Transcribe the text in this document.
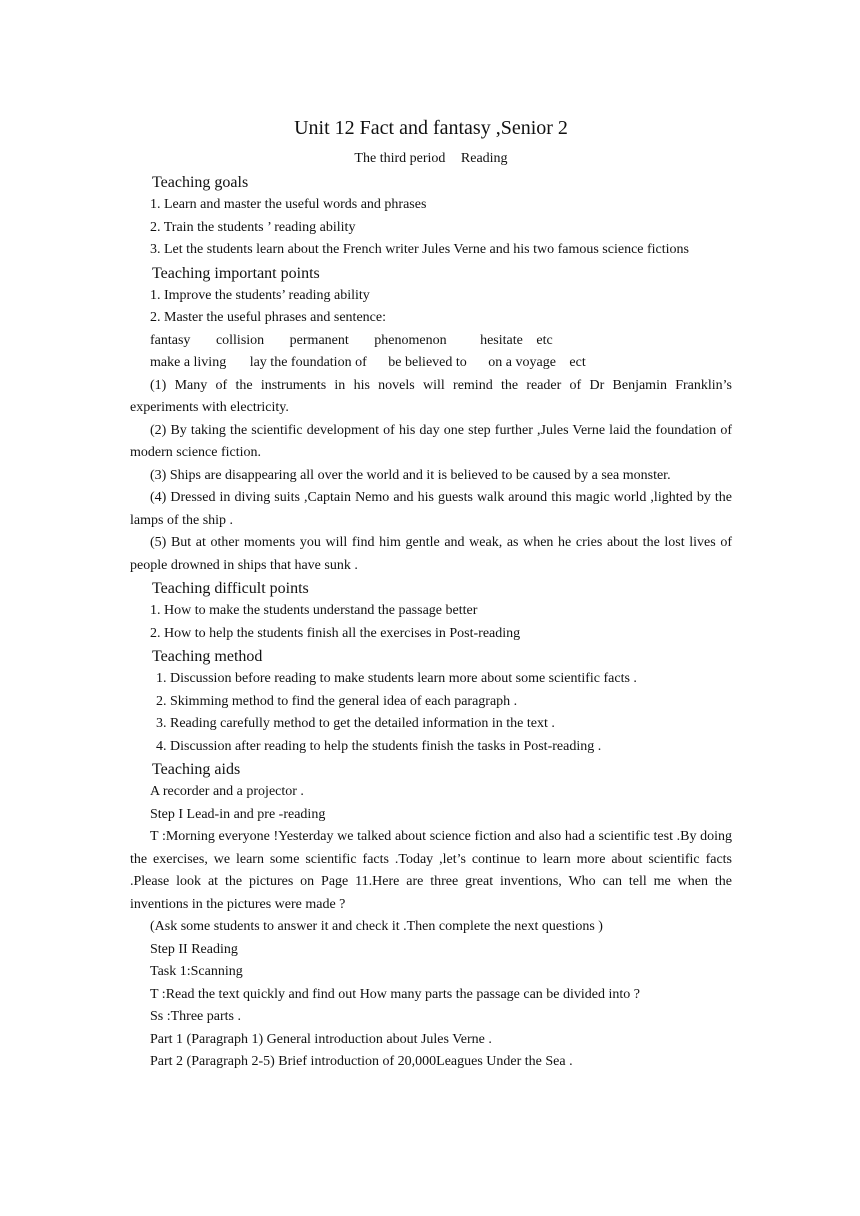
Unit 12 Fact and fantasy ,Senior 2
The third period Reading
Teaching goals
1. Learn and master the useful words and phrases
2. Train the students ’ reading ability
3. Let the students learn about the French writer Jules Verne and his two famous science fictions
Teaching important points
1. Improve the students’ reading ability
2. Master the useful phrases and sentence:
fantasy collision permanent phenomenon hesitate etc
make a living lay the foundation of be believed to on a voyage ect
(1) Many of the instruments in his novels will remind the reader of Dr Benjamin Franklin’s experiments with electricity.
(2) By taking the scientific development of his day one step further ,Jules Verne laid the foundation of modern science fiction.
(3) Ships are disappearing all over the world and it is believed to be caused by a sea monster.
(4) Dressed in diving suits ,Captain Nemo and his guests walk around this magic world ,lighted by the lamps of the ship .
(5) But at other moments you will find him gentle and weak, as when he cries about the lost lives of people drowned in ships that have sunk .
Teaching difficult points
1. How to make the students understand the passage better
2. How to help the students finish all the exercises in Post-reading
Teaching method
1. Discussion before reading to make students learn more about some scientific facts .
2. Skimming method to find the general idea of each paragraph .
3. Reading carefully method to get the detailed information in the text .
4. Discussion after reading to help the students finish the tasks in Post-reading .
Teaching aids
A recorder and a projector .
Step I Lead-in and pre -reading
T :Morning everyone !Yesterday we talked about science fiction and also had a scientific test .By doing the exercises, we learn some scientific facts .Today ,let’s continue to learn more about scientific facts .Please look at the pictures on Page 11.Here are three great inventions, Who can tell me when the inventions in the pictures were made ?
(Ask some students to answer it and check it .Then complete the next questions )
Step II Reading
Task 1:Scanning
T :Read the text quickly and find out How many parts the passage can be divided into ?
Ss :Three parts .
Part 1 (Paragraph 1) General introduction about Jules Verne .
Part 2 (Paragraph 2-5) Brief introduction of 20,000Leagues Under the Sea .
